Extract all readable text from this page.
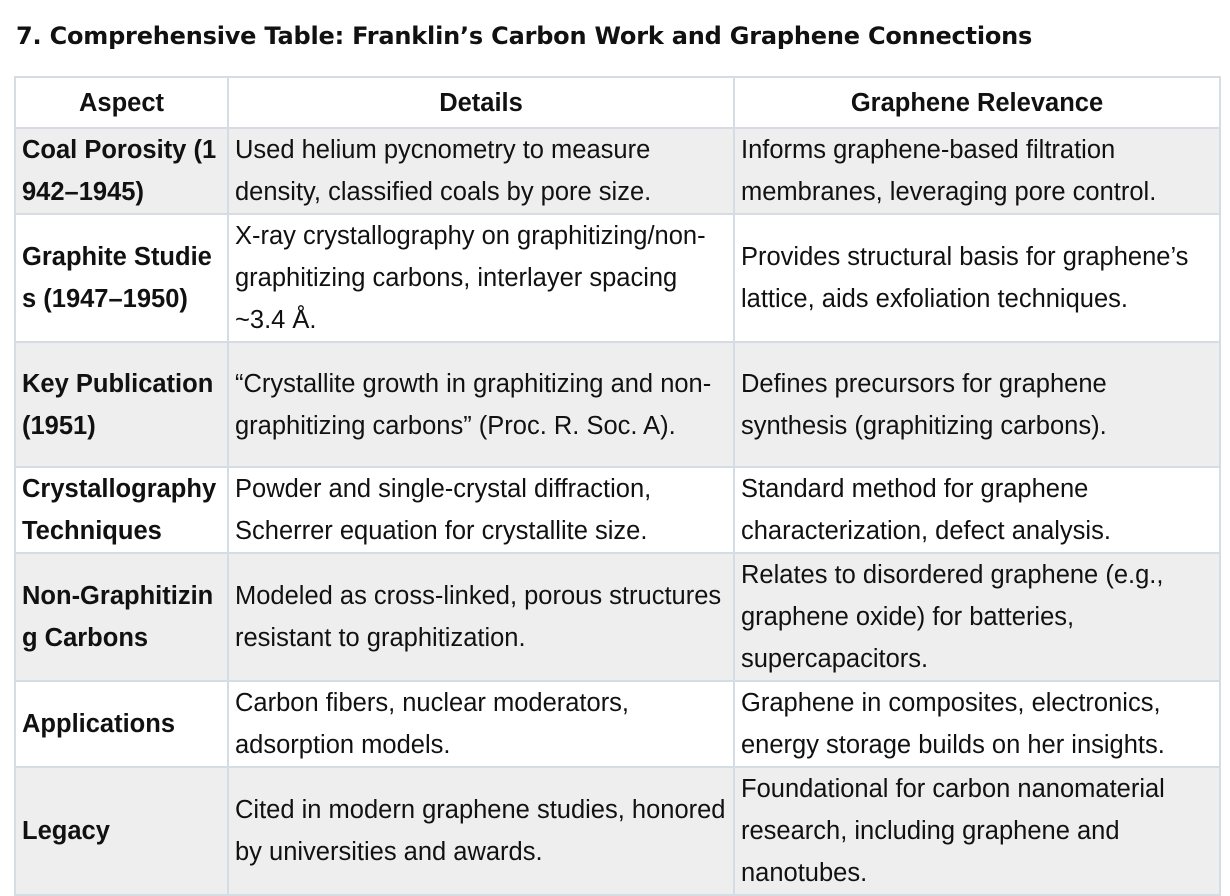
7. Comprehensive Table: Franklin’s Carbon Work and Graphene Connections
Aspect	Details	Graphene Relevance
Coal Porosity (1942–1945)	Used helium pycnometry to measure density, classified coals by pore size.	Informs graphene-based filtration membranes, leveraging pore control.
Graphite Studies (1947–1950)	X-ray crystallography on graphitizing/non-graphitizing carbons, interlayer spacing ~3.4 Å.	Provides structural basis for graphene’s lattice, aids exfoliation techniques.
Key Publication (1951)	“Crystallite growth in graphitizing and non-graphitizing carbons” (Proc. R. Soc. A).	Defines precursors for graphene synthesis (graphitizing carbons).
Crystallography Techniques	Powder and single-crystal diffraction, Scherrer equation for crystallite size.	Standard method for graphene characterization, defect analysis.
Non-Graphitizing Carbons	Modeled as cross-linked, porous structures resistant to graphitization.	Relates to disordered graphene (e.g., graphene oxide) for batteries, supercapacitors.
Applications	Carbon fibers, nuclear moderators, adsorption models.	Graphene in composites, electronics, energy storage builds on her insights.
Legacy	Cited in modern graphene studies, honored by universities and awards.	Foundational for carbon nanomaterial research, including graphene and nanotubes.
